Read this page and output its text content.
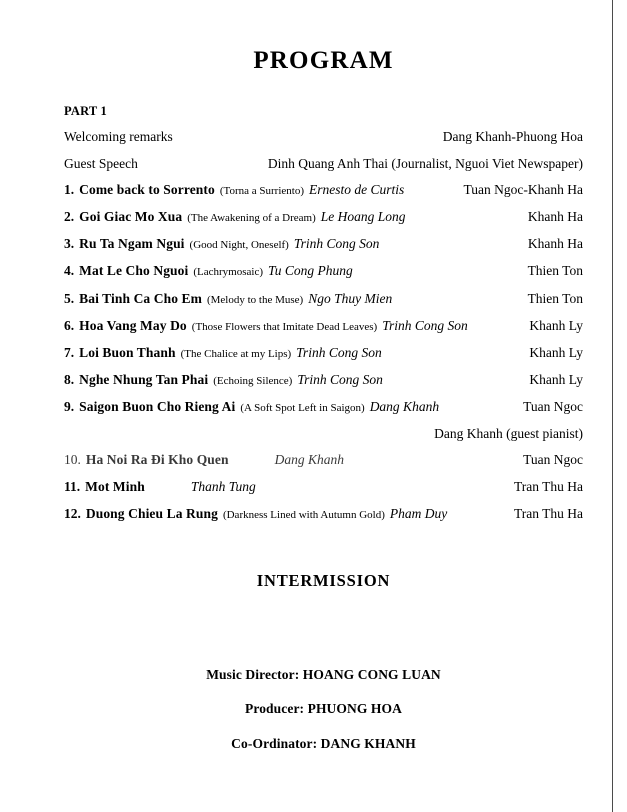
PROGRAM
PART 1
Welcoming remarks	Dang Khanh-Phuong Hoa
Guest Speech	Dinh Quang Anh Thai (Journalist, Nguoi Viet Newspaper)
1. Come back to Sorrento (Torna a Surriento) Ernesto de Curtis	Tuan Ngoc-Khanh Ha
2. Goi Giac Mo Xua (The Awakening of a Dream) Le Hoang Long	Khanh Ha
3. Ru Ta Ngam Ngui (Good Night, Oneself) Trinh Cong Son	Khanh Ha
4. Mat Le Cho Nguoi (Lachrymosaic) Tu Cong Phung	Thien Ton
5. Bai Tinh Ca Cho Em (Melody to the Muse) Ngo Thuy Mien	Thien Ton
6. Hoa Vang May Do (Those Flowers that Imitate Dead Leaves) Trinh Cong Son	Khanh Ly
7. Loi Buon Thanh (The Chalice at my Lips) Trinh Cong Son	Khanh Ly
8. Nghe Nhung Tan Phai (Echoing Silence) Trinh Cong Son	Khanh Ly
9. Saigon Buon Cho Rieng Ai (A Soft Spot Left in Saigon) Dang Khanh	Tuan Ngoc
Dang Khanh (guest pianist)
10. Ha Noi Ra Đi Kho Quen	Dang Khanh	Tuan Ngoc
11. Mot Minh	Thanh Tung	Tran Thu Ha
12. Duong Chieu La Rung (Darkness Lined with Autumn Gold) Pham Duy	Tran Thu Ha
INTERMISSION
Music Director: HOANG CONG LUAN
Producer: PHUONG HOA
Co-Ordinator: DANG KHANH
